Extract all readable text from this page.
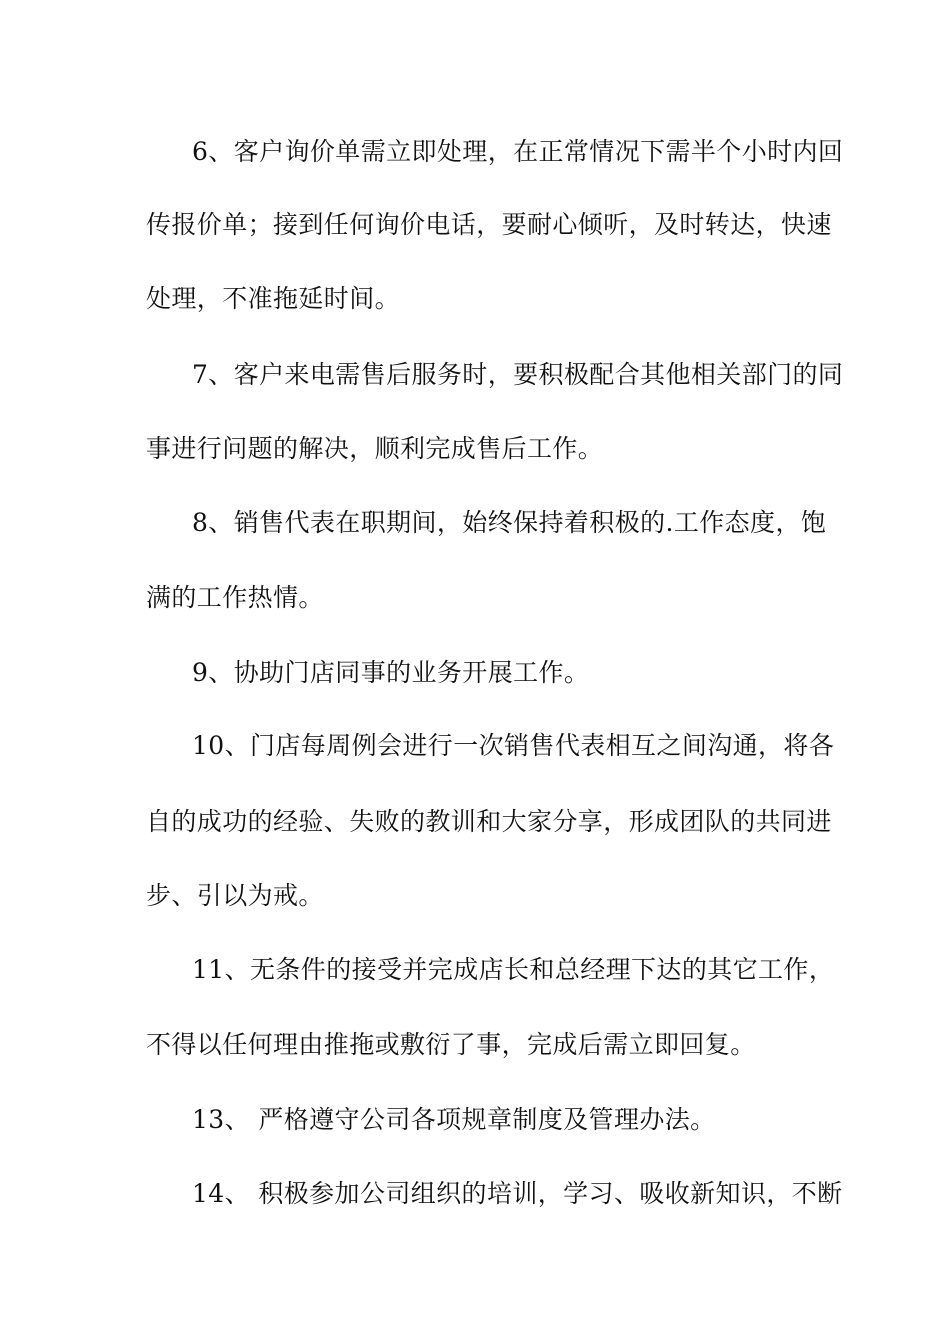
6、客户询价单需立即处理，在正常情况下需半个小时内回
传报价单；接到任何询价电话，要耐心倾听，及时转达，快速
处理，不准拖延时间。
7、客户来电需售后服务时，要积极配合其他相关部门的同
事进行问题的解决，顺利完成售后工作。
8、销售代表在职期间，始终保持着积极的.工作态度，饱
满的工作热情。
9、协助门店同事的业务开展工作。
10、门店每周例会进行一次销售代表相互之间沟通，将各
自的成功的经验、失败的教训和大家分享，形成团队的共同进
步、引以为戒。
11、无条件的接受并完成店长和总经理下达的其它工作，
不得以任何理由推拖或敷衍了事，完成后需立即回复。
13、 严格遵守公司各项规章制度及管理办法。
14、 积极参加公司组织的培训，学习、吸收新知识，不断
